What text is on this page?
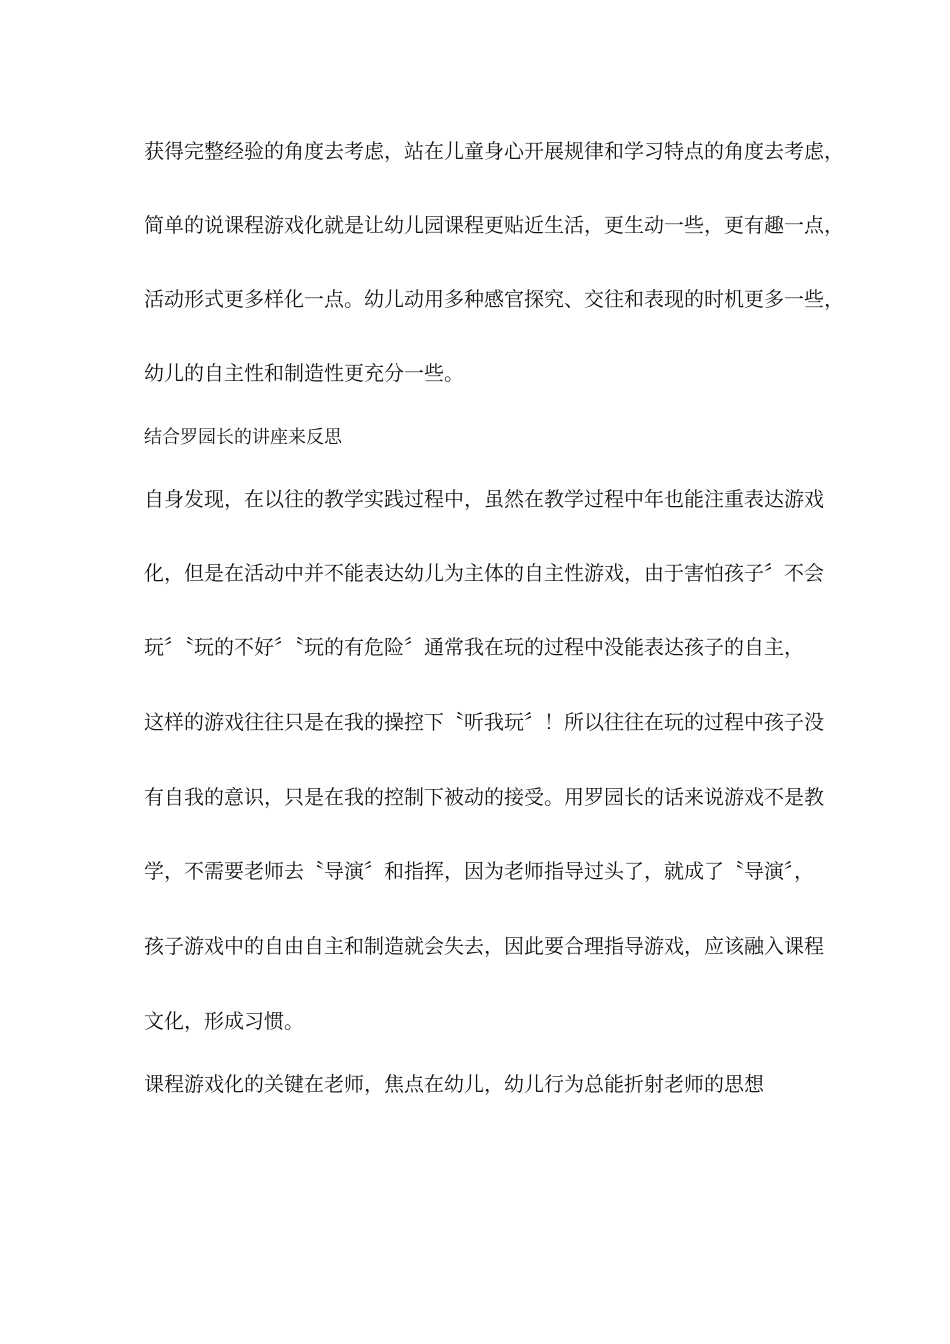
获得完整经验的角度去考虑，站在儿童身心开展规律和学习特点的角度去考虑，
简单的说课程游戏化就是让幼儿园课程更贴近生活，更生动一些，更有趣一点，
活动形式更多样化一点。幼儿动用多种感官探究、交往和表现的时机更多一些，
幼儿的自主性和制造性更充分一些。
结合罗园长的讲座来反思
自身发现，在以往的教学实践过程中，虽然在教学过程中年也能注重表达游戏
化，但是在活动中并不能表达幼儿为主体的自主性游戏，由于害怕孩子〞不会
玩〞〝玩的不好〞〝玩的有危险〞通常我在玩的过程中没能表达孩子的自主，
这样的游戏往往只是在我的操控下〝听我玩〞！所以往往在玩的过程中孩子没
有自我的意识，只是在我的控制下被动的接受。用罗园长的话来说游戏不是教
学，不需要老师去〝导演〞和指挥，因为老师指导过头了，就成了〝导演〞，
孩子游戏中的自由自主和制造就会失去，因此要合理指导游戏，应该融入课程
文化，形成习惯。
课程游戏化的关键在老师，焦点在幼儿，幼儿行为总能折射老师的思想
